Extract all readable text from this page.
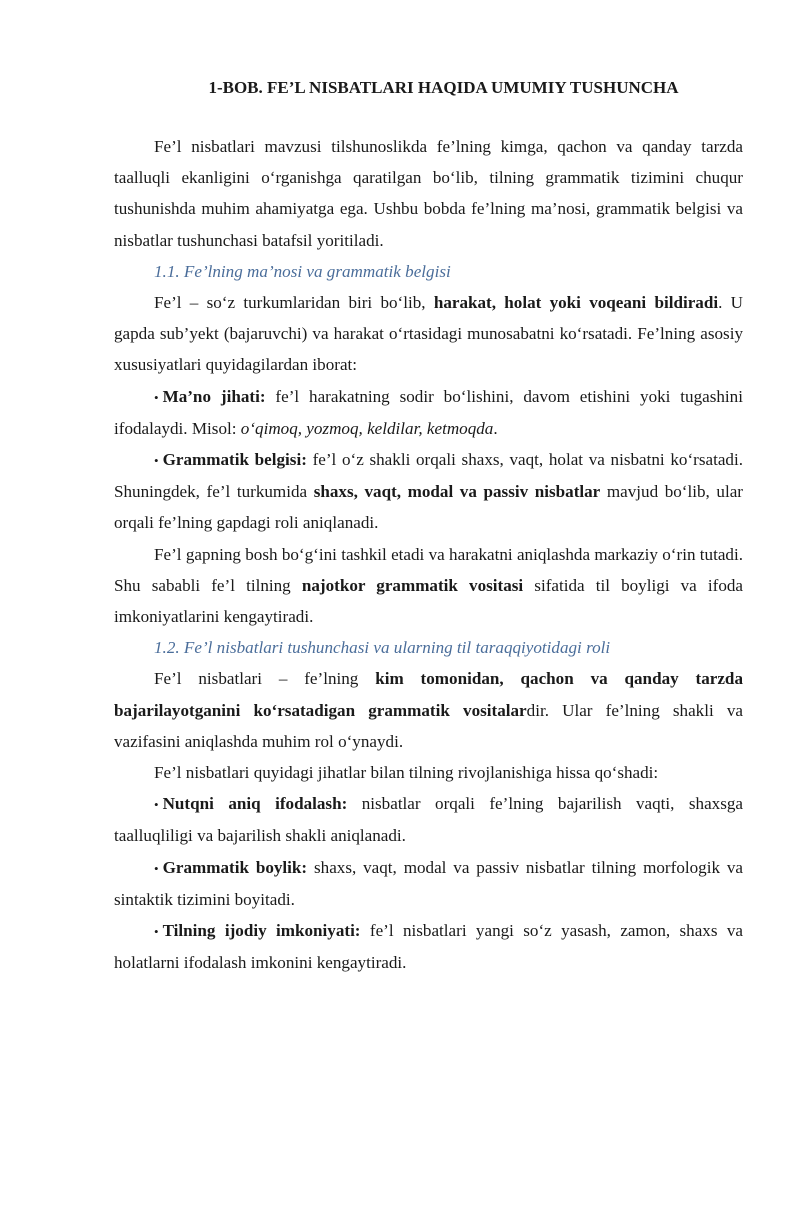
1-BOB. FE’L NISBATLARI HAQIDA UMUMIY TUSHUNCHA

Fe’l nisbatlari mavzusi tilshunoslikda fe’lning kimga, qachon va qanday tarzda taalluqli ekanligini o‘rganishga qaratilgan bo‘lib, tilning grammatik tizimini chuqur tushunishda muhim ahamiyatga ega. Ushbu bobda fe’lning ma’nosi, grammatik belgisi va nisbatlar tushunchasi batafsil yoritiladi.

1.1. Fe’lning ma’nosi va grammatik belgisi

Fe’l – so‘z turkumlaridan biri bo‘lib, harakat, holat yoki voqeani bildiradi. U gapda sub’yekt (bajaruvchi) va harakat o‘rtasidagi munosabatni ko‘rsatadi. Fe’lning asosiy xususiyatlari quyidagilardan iborat:

• Ma’no jihati: fe’l harakatning sodir bo‘lishini, davom etishini yoki tugashini ifodalaydi. Misol: o‘qimoq, yozmoq, keldilar, ketmoqda.

• Grammatik belgisi: fe’l o‘z shakli orqali shaxs, vaqt, holat va nisbatni ko‘rsatadi. Shuningdek, fe’l turkumida shaxs, vaqt, modal va passiv nisbatlar mavjud bo‘lib, ular orqali fe’lning gapdagi roli aniqlanadi.

Fe’l gapning bosh bo‘g‘ini tashkil etadi va harakatni aniqlashda markaziy o‘rin tutadi. Shu sababli fe’l tilning najotkor grammatik vositasi sifatida til boyligi va ifoda imkoniyatlarini kengaytiradi.

1.2. Fe’l nisbatlari tushunchasi va ularning til taraqqiyotidagi roli

Fe’l nisbatlari – fe’lning kim tomonidan, qachon va qanday tarzda bajarilayotganini ko‘rsatadigan grammatik vositalardir. Ular fe’lning shakli va vazifasini aniqlashda muhim rol o‘ynaydi.

Fe’l nisbatlari quyidagi jihatlar bilan tilning rivojlanishiga hissa qo‘shadi:

• Nutqni aniq ifodalash: nisbatlar orqali fe’lning bajarilish vaqti, shaxsga taalluqliligi va bajarilish shakli aniqlanadi.

• Grammatik boylik: shaxs, vaqt, modal va passiv nisbatlar tilning morfologik va sintaktik tizimini boyitadi.

• Tilning ijodiy imkoniyati: fe’l nisbatlari yangi so‘z yasash, zamon, shaxs va holatlarni ifodalash imkonini kengaytiradi.
